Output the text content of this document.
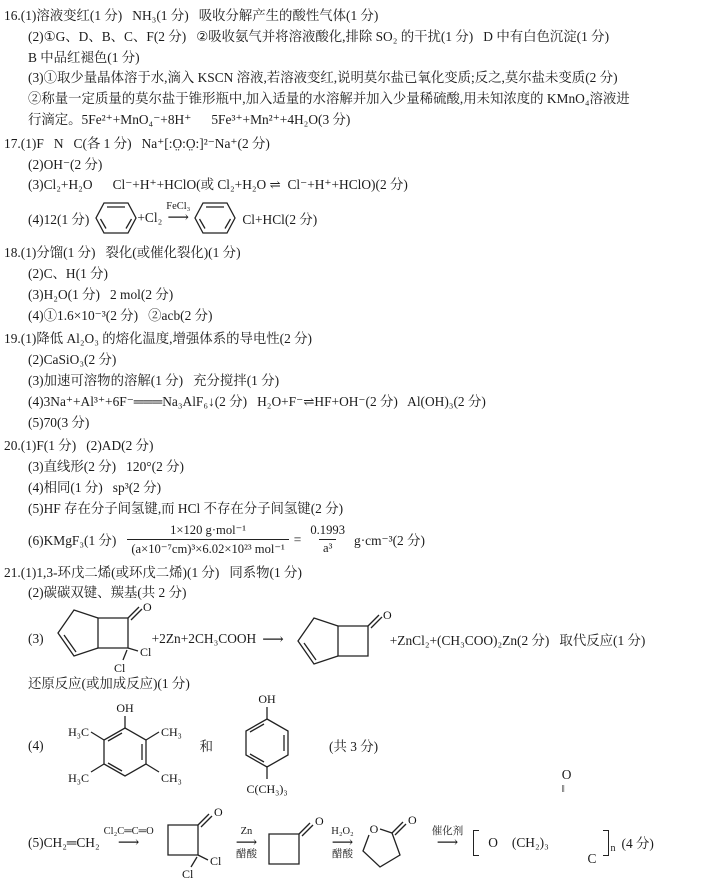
16.(1)溶液变红(1 分)   NH₃(1 分)   吸收分解产生的酸性气体(1 分)
(2)①G、D、B、C、F(2 分)   ②吸收氨气并将溶液酸化,排除 SO₂ 的干扰(1 分)   D 中有白色沉淀(1 分)
B 中品红褪色(1 分)
(3)①取少量晶体溶于水,滴入 KSCN 溶液,若溶液变红,说明莫尔盐已氧化变质;反之,莫尔盐未变质(2 分)
②称量一定质量的莫尔盐于锥形瓶中,加入适量的水溶解并加入少量稀硫酸,用未知浓度的 KMnO₄溶液进
行滴定。5Fe²⁺+MnO₄⁻+8H⁺      5Fe³⁺+Mn²⁺+4H₂O(3 分)
17.(1)F   N   C(各 1 分)   Na⁺[:O̤:O̤:]²⁻Na⁺(2 分)
(2)OH⁻(2 分)
(3)Cl₂+H₂O      Cl⁻+H⁺+HClO(或 Cl₂+H₂O ⇌  Cl⁻+H⁺+HClO)(2 分)
(4)12(1 分)	+Cl₂
FeCl₃
⟶	Cl+HCl(2 分)
18.(1)分馏(1 分)   裂化(或催化裂化)(1 分)
(2)C、H(1 分)
(3)H₂O(1 分)   2 mol(2 分)
(4)①1.6×10⁻³(2 分)   ②acb(2 分)
19.(1)降低 Al₂O₃ 的熔化温度,增强体系的导电性(2 分)
(2)CaSiO₃(2 分)
(3)加速可溶物的溶解(1 分)   充分搅拌(1 分)
(4)3Na⁺+Al³⁺+6F⁻═══Na₃AlF₆↓(2 分)   H₂O+F⁻⇌HF+OH⁻(2 分)   Al(OH)₃(2 分)
(5)70(3 分)
20.(1)F(1 分)   (2)AD(2 分)
(3)直线形(2 分)   120°(2 分)
(4)相同(1 分)   sp³(2 分)
(5)HF 存在分子间氢键,而 HCl 不存在分子间氢键(2 分)
(6)KMgF₃(1 分) $\frac{\text{1×120 g·mol⁻¹}}{\text{(a×10⁻⁷cm)³×6.02×10²³ mol⁻¹}} = \frac{0.1993}{\text{a³}} g\cdot cm^{-3}(2$ 分)
21.(1)1,3-环戊二烯(或环戊二烯)(1 分)   同系物(1 分)
(2)碳碳双键、羰基(共 2 分)
(3)
O
Cl
Cl
+2Zn+2CH₃COOH ⟶
O
+ZnCl₂+(CH₃COO)₂Zn(2 分)   取代反应(1 分)
还原反应(或加成反应)(1 分)
(4)
OH
H₃C	CH₃
H₃C	CH₃
和
OH
C(CH₃)₃
(共 3 分)
(5)CH₂═CH₂
Cl₂C═C═O
⟶
O
Cl
Cl
Zn
⟶
醋酸
O
H₂O₂
⟶
醋酸
O
O
催化剂
⟶ O (CH₂)₃

O

‖

C

n (4 分)
